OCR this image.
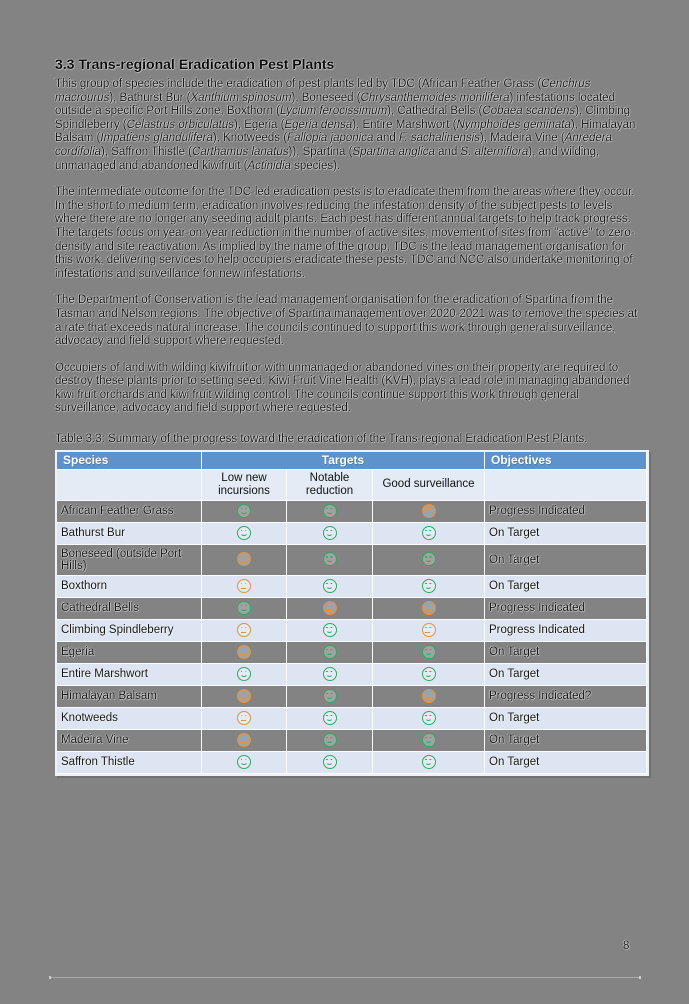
3.3 Trans-regional Eradication Pest Plants

This group of species include the eradication of pest plants led by TDC (African Feather Grass (Cenchrus macrourus), Bathurst Bur (Xanthium spinosum), Boneseed (Chrysanthemoides monilifera) infestations located outside a specific Port Hills zone, Boxthorn (Lycium ferocissimum), Cathedral Bells (Cobaea scandens), Climbing Spindleberry (Celastrus orbiculatus), Egeria (Egeria densa), Entire Marshwort (Nymphoides geminata), Himalayan Balsam (Impatiens glandulifera), Knotweeds (Fallopia japonica and F. sachalinensis), Madeira Vine (Anredera cordifolia), Saffron Thistle (Carthamus lanatus)), Spartina (Spartina anglica and S. alterniflora), and wilding, unmanaged and abandoned kiwifruit (Actinidia species).

The intermediate outcome for the TDC-led eradication pests is to eradicate them from the areas where they occur. In the short to medium term, eradication involves reducing the infestation density of the subject pests to levels where there are no longer any seeding adult plants. Each pest has different annual targets to help track progress. The targets focus on year-on-year reduction in the number of active sites, movement of sites from "active" to zero-density and site reactivation. As implied by the name of the group, TDC is the lead management organisation for this work, delivering services to help occupiers eradicate these pests. TDC and NCC also undertake monitoring of infestations and surveillance for new infestations.

The Department of Conservation is the lead management organisation for the eradication of Spartina from the Tasman and Nelson regions. The objective of Spartina management over 2020-2021 was to remove the species at a rate that exceeds natural increase. The councils continued to support this work through general surveillance, advocacy and field support where requested.

Occupiers of land with wilding kiwifruit or with unmanaged or abandoned vines on their property are required to destroy these plants prior to setting seed. Kiwi Fruit Vine Health (KVH), plays a lead role in managing abandoned kiwi fruit orchards and kiwi fruit wilding control. The councils continue support this work through general surveillance, advocacy and field support where requested.

Table 3.3: Summary of the progress toward the eradication of the Trans-regional Eradication Pest Plants.

Species	Targets			Objectives
	Low new incursions	Notable reduction	Good surveillance	
African Feather Grass				Progress Indicated
Bathurst Bur				On Target
Boneseed (outside Port Hills)				On Target
Boxthorn				On Target
Cathedral Bells				Progress Indicated
Climbing Spindleberry				Progress Indicated
Egeria				On Target
Entire Marshwort				On Target
Himalayan Balsam				Progress Indicated?
Knotweeds				On Target
Madeira Vine				On Target
Saffron Thistle				On Target
8
